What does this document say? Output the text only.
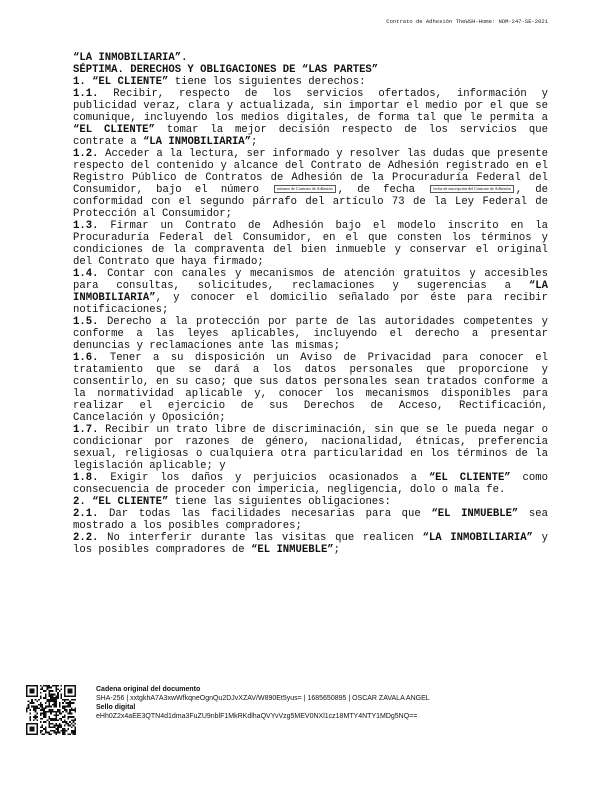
Contrato de Adhesión TheWSH-Home: NOM-247-SE-2021

“LA INMOBILIARIA”.

SÉPTIMA. DERECHOS Y OBLIGACIONES DE “LAS PARTES”

1. “EL CLIENTE” tiene los siguientes derechos:

1.1. Recibir, respecto de los servicios ofertados, información y publicidad veraz, clara y actualizada, sin importar el medio por el que se comunique, incluyendo los medios digitales, de forma tal que le permita a “EL CLIENTE” tomar la mejor decisión respecto de los servicios que contrate a “LA INMOBILIARIA”;

1.2. Acceder a la lectura, ser informado y resolver las dudas que presente respecto del contenido y alcance del Contrato de Adhesión registrado en el Registro Público de Contratos de Adhesión de la Procuraduría Federal del Consumidor, bajo el número	número de Contrato de Adhesión , de fecha	fecha de inscripción del Contrato de Adhesión , de conformidad con el segundo párrafo del artículo 73 de la Ley Federal de Protección al Consumidor;

1.3. Firmar un Contrato de Adhesión bajo el modelo inscrito en la Procuraduría Federal del Consumidor, en el que consten los términos y condiciones de la compraventa del bien inmueble y conservar el original del Contrato que haya firmado;

1.4. Contar con canales y mecanismos de atención gratuitos y accesibles para consultas, solicitudes, reclamaciones y sugerencias a “LA INMOBILIARIA”, y conocer el domicilio señalado por éste para recibir notificaciones;

1.5. Derecho a la protección por parte de las autoridades competentes y conforme a las leyes aplicables, incluyendo el derecho a presentar denuncias y reclamaciones ante las mismas;

1.6. Tener a su disposición un Aviso de Privacidad para conocer el tratamiento que se dará a los datos personales que proporcione y consentirlo, en su caso; que sus datos personales sean tratados conforme a la normatividad aplicable y, conocer los mecanismos disponibles para realizar el ejercicio de sus Derechos de Acceso, Rectificación, Cancelación y Oposición;

1.7. Recibir un trato libre de discriminación, sin que se le pueda negar o condicionar por razones de género, nacionalidad, étnicas, preferencia sexual, religiosas o cualquiera otra particularidad en los términos de la legislación aplicable; y

1.8. Exigir los daños y perjuicios ocasionados a “EL CLIENTE” como consecuencia de proceder con impericia, negligencia, dolo o mala fe.

2. “EL CLIENTE” tiene las siguientes obligaciones:

2.1. Dar todas las facilidades necesarias para que “EL INMUEBLE” sea mostrado a los posibles compradores;

2.2. No interferir durante las visitas que realicen “LA INMOBILIARIA” y los posibles compradores de “EL INMUEBLE”;

Cadena original del documento
SHA-256 | xxtgkhA7A3xwWfkqneOgnQu2DJvXZAV/W890Et5yus= | 1685650895 | OSCAR ZAVALA ANGEL
Sello digital
eHh0Z2x4aEE3QTN4d1dma3FuZU9nblF1MkRKdlhaQVYvVzg5MEV0NXl1cz18MTY4NTY1MDg5NQ==
